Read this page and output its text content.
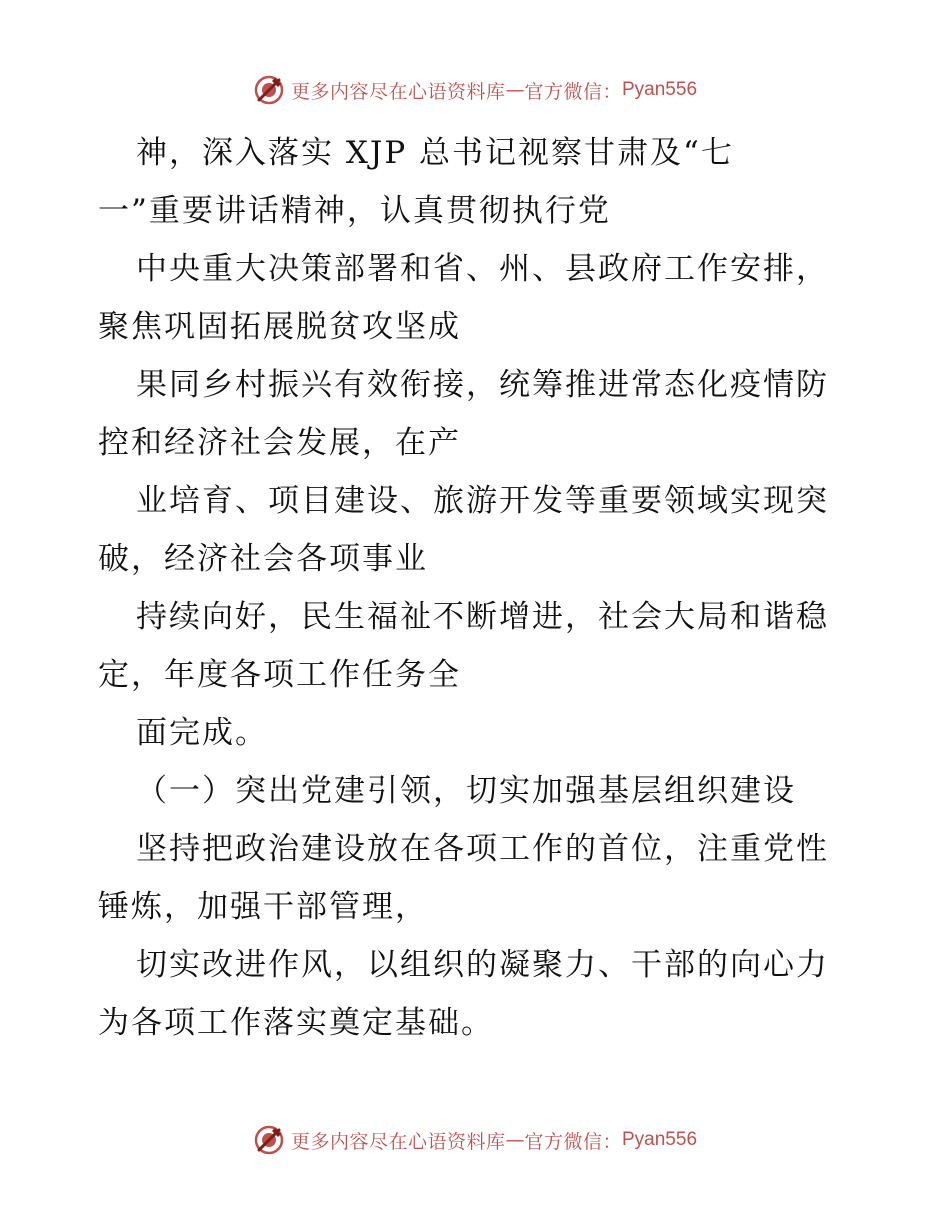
更多内容尽在心语资料库 — 官方微信： Pyan556
神，深入落实 XJP 总书记视察甘肃及“七
一”重要讲话精神，认真贯彻执行党
中央重大决策部署和省、州、县政府工作安排，
聚焦巩固拓展脱贫攻坚成
果同乡村振兴有效衔接，统筹推进常态化疫情防
控和经济社会发展，在产
业培育、项目建设、旅游开发等重要领域实现突
破，经济社会各项事业
持续向好，民生福祉不断增进，社会大局和谐稳
定，年度各项工作任务全
面完成。
（一）突出党建引领，切实加强基层组织建设
坚持把政治建设放在各项工作的首位，注重党性
锤炼，加强干部管理，
切实改进作风，以组织的凝聚力、干部的向心力
为各项工作落实奠定基础。
更多内容尽在心语资料库 — 官方微信： Pyan556
